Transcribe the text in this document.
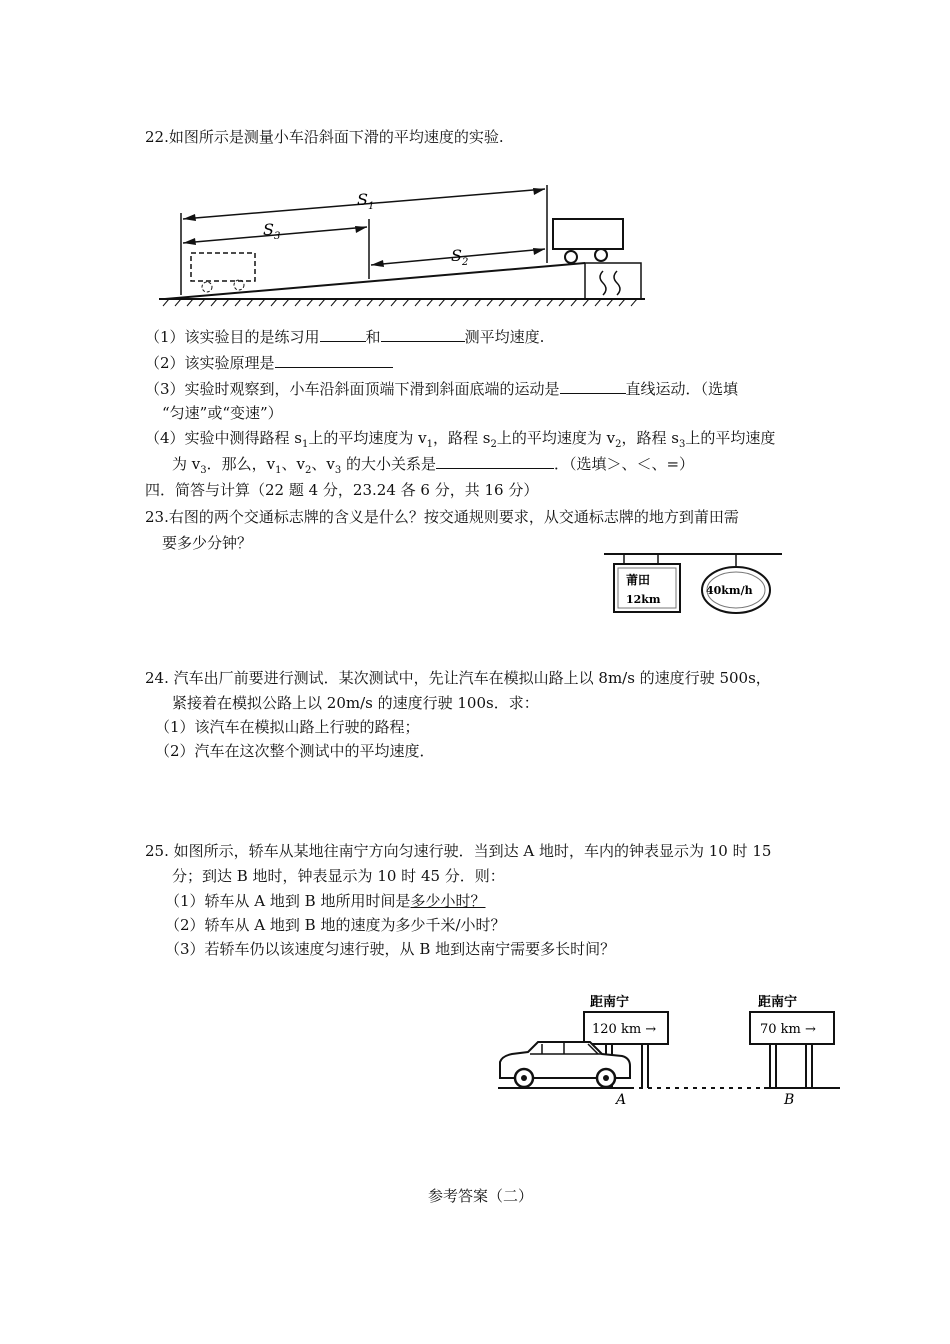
22.如图所示是测量小车沿斜面下滑的平均速度的实验.
$S_1$
$S_3$
$S_2$
（1）该实验目的是练习用	和	测平均速度.
（2）该实验原理是
（3）实验时观察到，小车沿斜面顶端下滑到斜面底端的运动是	直线运动．（选填
“匀速”或“变速”）
（4）实验中测得路程 $s_1$上的平均速度为 $v_1$，路程 $s_2$上的平均速度为 $v_2$，路程 $s_3$上的平均速度
为 $v_3$．那么，$v_1$、$v_2$、$v_3$ 的大小关系是	．（选填＞、＜、=）
四．简答与计算（22 题 4 分，23.24 各 6 分，共 16 分）
23.右图的两个交通标志牌的含义是什么？按交通规则要求，从交通标志牌的地方到莆田需
要多少分钟？
莆田
12km
40km/h
24. 汽车出厂前要进行测试．某次测试中，先让汽车在模拟山路上以 8m/s 的速度行驶 500s，
紧接着在模拟公路上以 20m/s 的速度行驶 100s．求：
（1）该汽车在模拟山路上行驶的路程；
（2）汽车在这次整个测试中的平均速度．
25. 如图所示，轿车从某地往南宁方向匀速行驶．当到达 A 地时，车内的钟表显示为 10 时 15
分；到达 B 地时，钟表显示为 10 时 45 分．则：
（1）轿车从 A 地到 B 地所用时间是多少小时？
（2）轿车从 A 地到 B 地的速度为多少千米/小时？
（3）若轿车仍以该速度匀速行驶，从 B 地到达南宁需要多长时间？
距南宁
120 km →
距南宁
70 km →
A	B
参考答案（二）
